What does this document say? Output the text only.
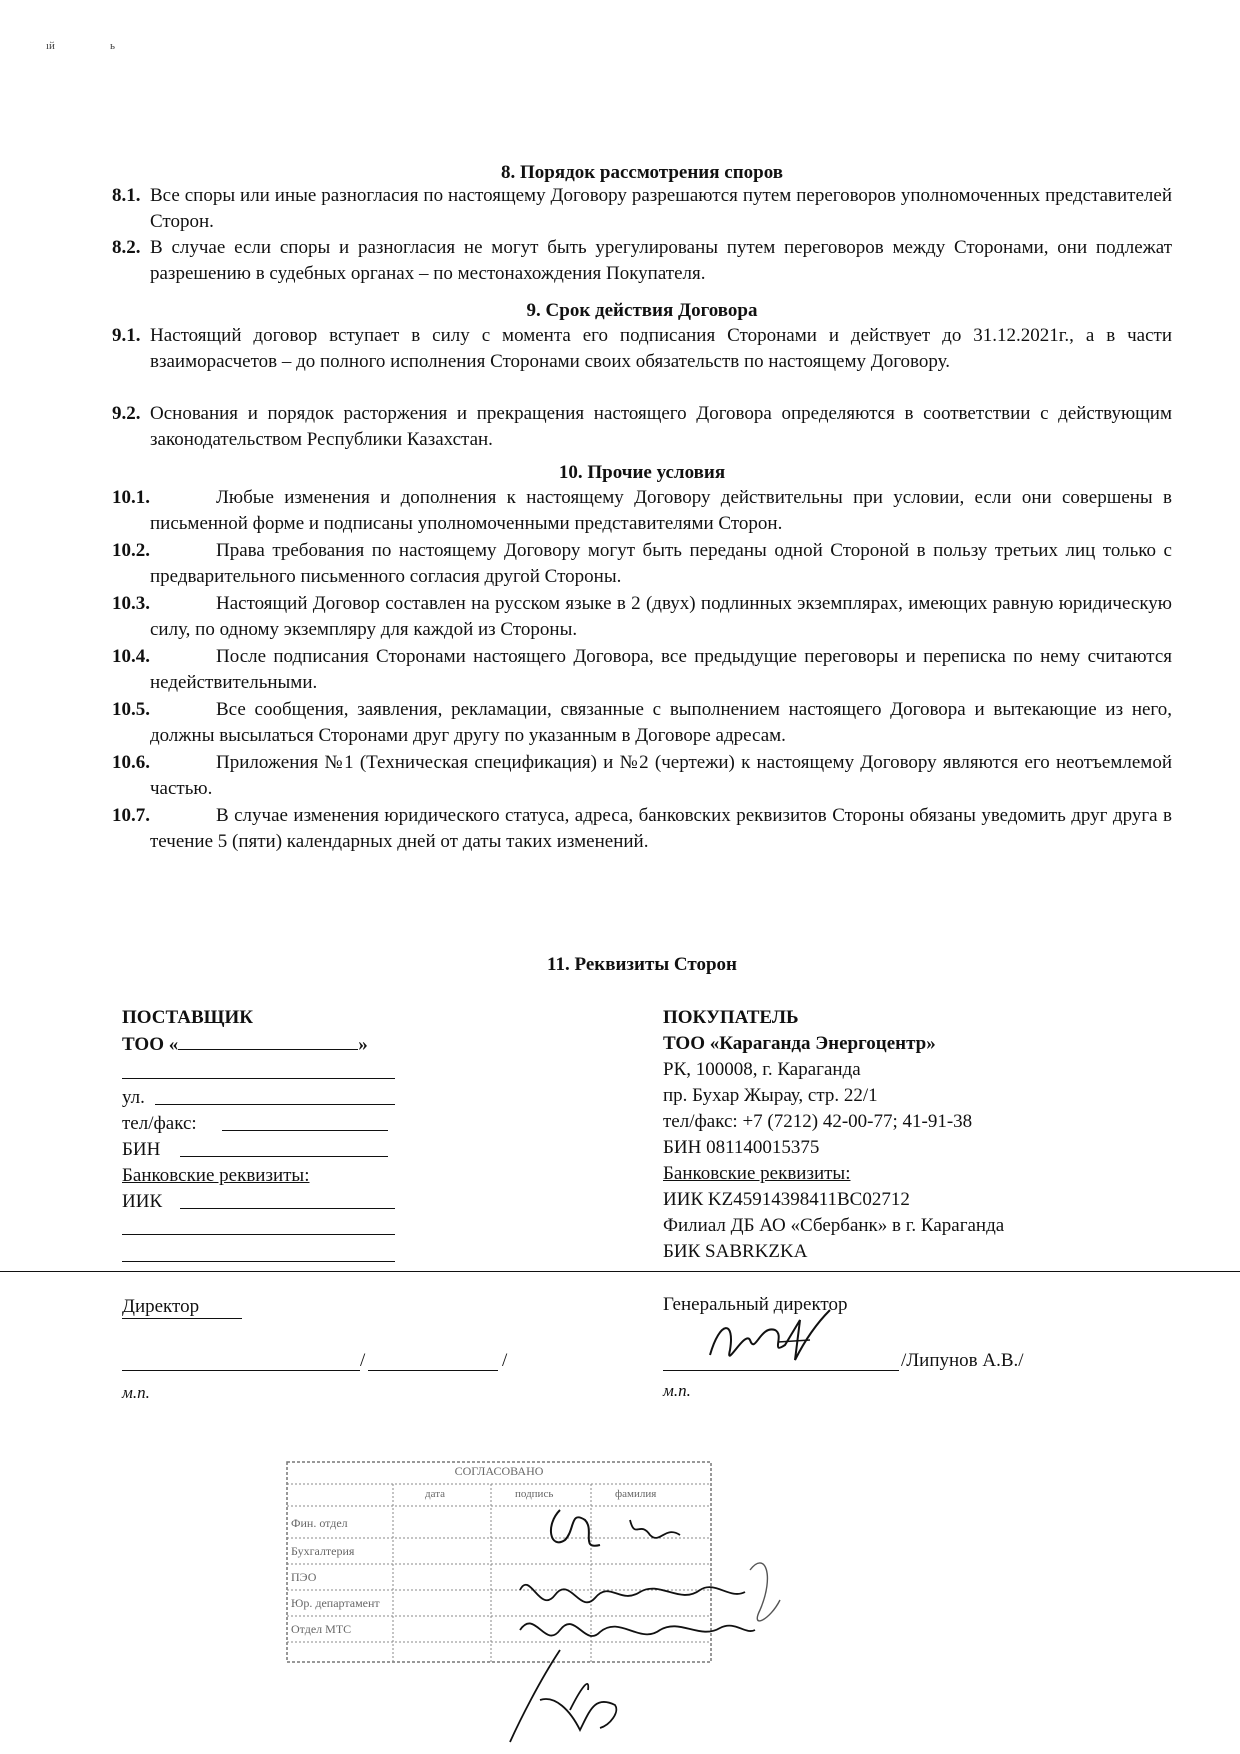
ıй	ь
8. Порядок рассмотрения споров
8.1. Все споры или иные разногласия по настоящему Договору разрешаются путем переговоров уполномоченных представителей Сторон.
8.2. В случае если споры и разногласия не могут быть урегулированы путем переговоров между Сторонами, они подлежат разрешению в судебных органах – по местонахождения Покупателя.
9. Срок действия Договора
9.1. Настоящий договор вступает в силу с момента его подписания Сторонами и действует до 31.12.2021г., а в части взаиморасчетов – до полного исполнения Сторонами своих обязательств по настоящему Договору.
9.2. Основания и порядок расторжения и прекращения настоящего Договора определяются в соответствии с действующим законодательством Республики Казахстан.
10. Прочие условия
10.1.	Любые изменения и дополнения к настоящему Договору действительны при условии, если они совершены в письменной форме и подписаны уполномоченными представителями Сторон.
10.2.	Права требования по настоящему Договору могут быть переданы одной Стороной в пользу третьих лиц только с предварительного письменного согласия другой Стороны.
10.3.	Настоящий Договор составлен на русском языке в 2 (двух) подлинных экземплярах, имеющих равную юридическую силу, по одному экземпляру для каждой из Стороны.
10.4.	После подписания Сторонами настоящего Договора, все предыдущие переговоры и переписка по нему считаются недействительными.
10.5.	Все сообщения, заявления, рекламации, связанные с выполнением настоящего Договора и вытекающие из него, должны высылаться Сторонами друг другу по указанным в Договоре адресам.
10.6.	Приложения №1 (Техническая спецификация) и №2 (чертежи) к настоящему Договору являются его неотъемлемой частью.
10.7.	В случае изменения юридического статуса, адреса, банковских реквизитов Стороны обязаны уведомить друг друга в течение 5 (пяти) календарных дней от даты таких изменений.
11. Реквизиты Сторон
ПОСТАВЩИК
ТОО «	»
ул.
тел/факс:
БИН
Банковские реквизиты:
ИИК
ПОКУПАТЕЛЬ
ТОО «Караганда Энергоцентр»
РК, 100008, г. Караганда
пр. Бухар Жырау, стр. 22/1
тел/факс: +7 (7212) 42-00-77; 41-91-38
БИН 081140015375
Банковские реквизиты:
ИИК KZ45914398411BC02712
Филиал ДБ АО «Сбербанк» в г. Караганда
БИК SABRKZKA
Директор
/	/
м.п.
Генеральный директор
/Липунов А.В./
м.п.
СОГЛАСОВАНО
дата	подпись	фамилия
Фин. отдел
Бухгалтерия
ПЭО
Юр. департамент
Отдел МТС
